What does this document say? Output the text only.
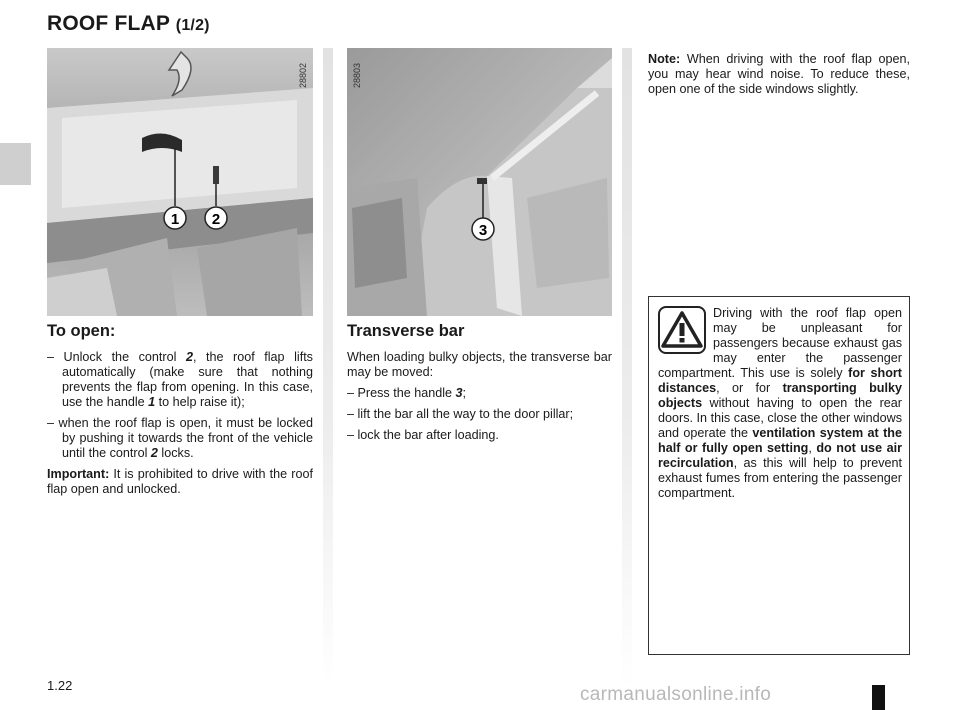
ROOF FLAP (1/2)
1 2
28802
3
28803
To open:

– Unlock the control 2, the roof flap lifts automatically (make sure that nothing prevents the flap from opening. In this case, use the handle 1 to help raise it);

– when the roof flap is open, it must be locked by pushing it towards the front of the vehicle until the control 2 locks.

Important: It is prohibited to drive with the roof flap open and unlocked.

Transverse bar

When loading bulky objects, the transverse bar may be moved:

– Press the handle 3;

– lift the bar all the way to the door pillar;

– lock the bar after loading.

Note: When driving with the roof flap open, you may hear wind noise. To reduce these, open one of the side windows slightly.

Driving with the roof flap open may be unpleasant for passengers because exhaust gas may enter the passenger compartment. This use is solely for short distances, or for transporting bulky objects without having to open the rear doors. In this case, close the other windows and operate the ventilation system at the half or fully open setting, do not use air recirculation, as this will help to prevent exhaust fumes from entering the passenger compartment.
1.22	carmanualsonline.info
